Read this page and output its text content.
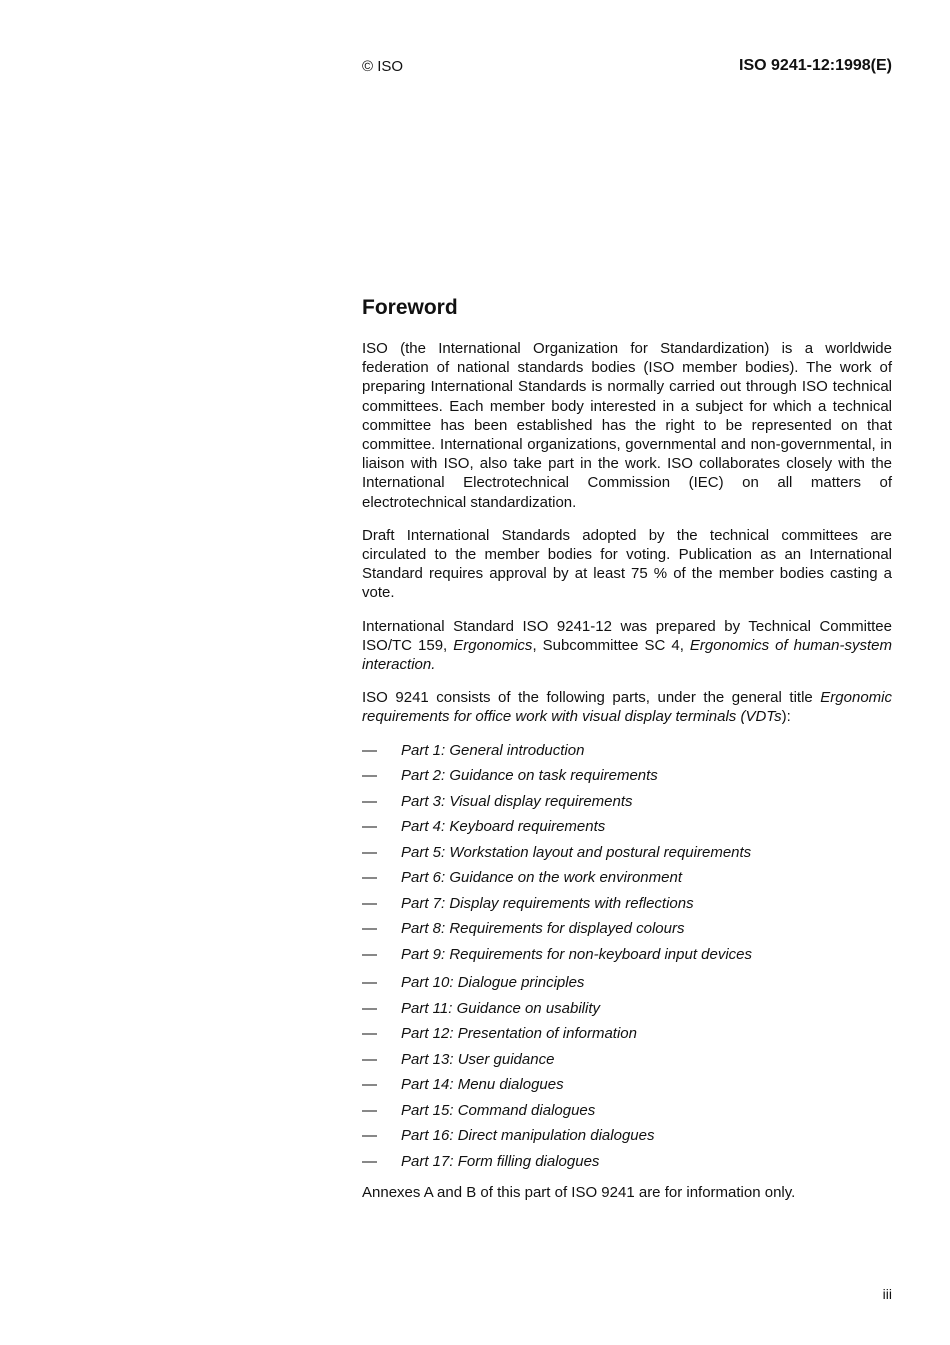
© ISO	ISO 9241-12:1998(E)
Foreword

ISO (the International Organization for Standardization) is a worldwide federation of national standards bodies (ISO member bodies). The work of preparing International Standards is normally carried out through ISO technical committees. Each member body interested in a subject for which a technical committee has been established has the right to be represented on that committee. International organizations, governmental and non-governmental, in liaison with ISO, also take part in the work. ISO collaborates closely with the International Electrotechnical Commission (IEC) on all matters of electrotechnical standardization.

Draft International Standards adopted by the technical committees are circulated to the member bodies for voting. Publication as an International Standard requires approval by at least 75 % of the member bodies casting a vote.

International Standard ISO 9241-12 was prepared by Technical Committee ISO/TC 159, Ergonomics, Subcommittee SC 4, Ergonomics of human-system interaction.

ISO 9241 consists of the following parts, under the general title Ergonomic requirements for office work with visual display terminals (VDTs):

— Part 1: General introduction
— Part 2: Guidance on task requirements
— Part 3: Visual display requirements
— Part 4: Keyboard requirements
— Part 5: Workstation layout and postural requirements
— Part 6: Guidance on the work environment
— Part 7: Display requirements with reflections
— Part 8: Requirements for displayed colours
— Part 9: Requirements for non-keyboard input devices
— Part 10: Dialogue principles
— Part 11: Guidance on usability
— Part 12: Presentation of information
— Part 13: User guidance
— Part 14: Menu dialogues
— Part 15: Command dialogues
— Part 16: Direct manipulation dialogues
— Part 17: Form filling dialogues

Annexes A and B of this part of ISO 9241 are for information only.

iii
